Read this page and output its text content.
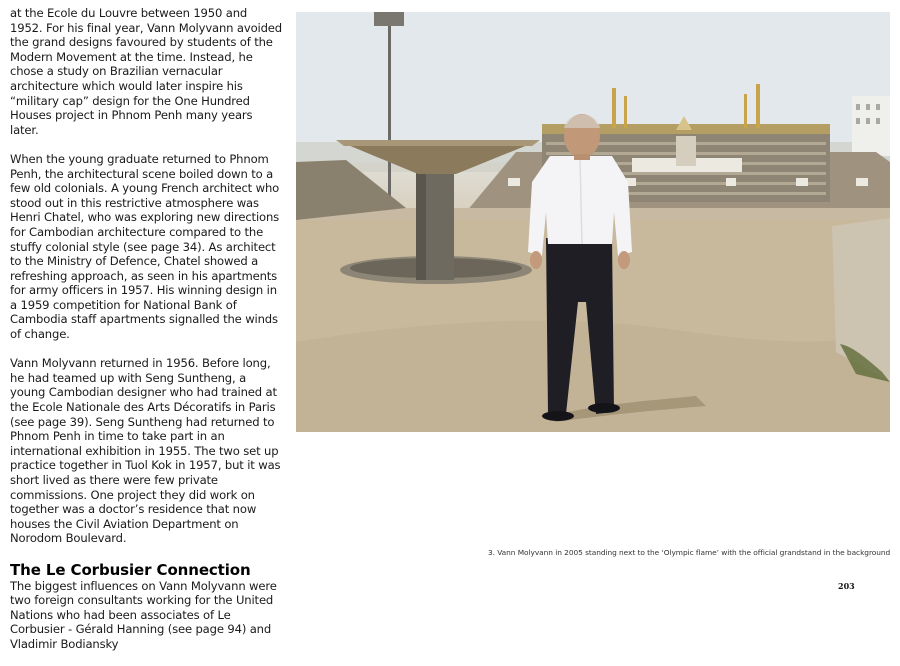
at the Ecole du Louvre between 1950 and 1952. For his final year, Vann Molyvann avoided the grand designs favoured by students of the Modern Movement at the time. Instead, he chose a study on Brazilian vernacular architecture which would later inspire his “military cap” design for the One Hundred Houses project in Phnom Penh many years later.

When the young graduate returned to Phnom Penh, the architectural scene boiled down to a few old colonials. A young French architect who stood out in this restrictive atmosphere was Henri Chatel, who was exploring new directions for Cambodian architecture compared to the stuffy colonial style (see page 34). As architect to the Ministry of Defence, Chatel showed a refreshing approach, as seen in his apartments for army officers in 1957. His winning design in a 1959 competition for National Bank of Cambodia staff apartments signalled the winds of change.

Vann Molyvann returned in 1956. Before long, he had teamed up with Seng Suntheng, a young Cambodian designer who had trained at the Ecole Nationale des Arts Décoratifs in Paris (see page 39). Seng Suntheng had returned to Phnom Penh in time to take part in an international exhibition in 1955. The two set up practice together in Tuol Kok in 1957, but it was short lived as there were few private commissions. One project they did work on together was a doctor’s residence that now houses the Civil Aviation Department on Norodom Boulevard.

The Le Corbusier Connection

The biggest influences on Vann Molyvann were two foreign consultants working for the United Nations who had been associates of Le Corbusier - Gérald Hanning (see page 94) and Vladimir Bodiansky

3. Vann Molyvann in 2005 standing next to the ‘Olympic flame’ with the official grandstand in the background
203
